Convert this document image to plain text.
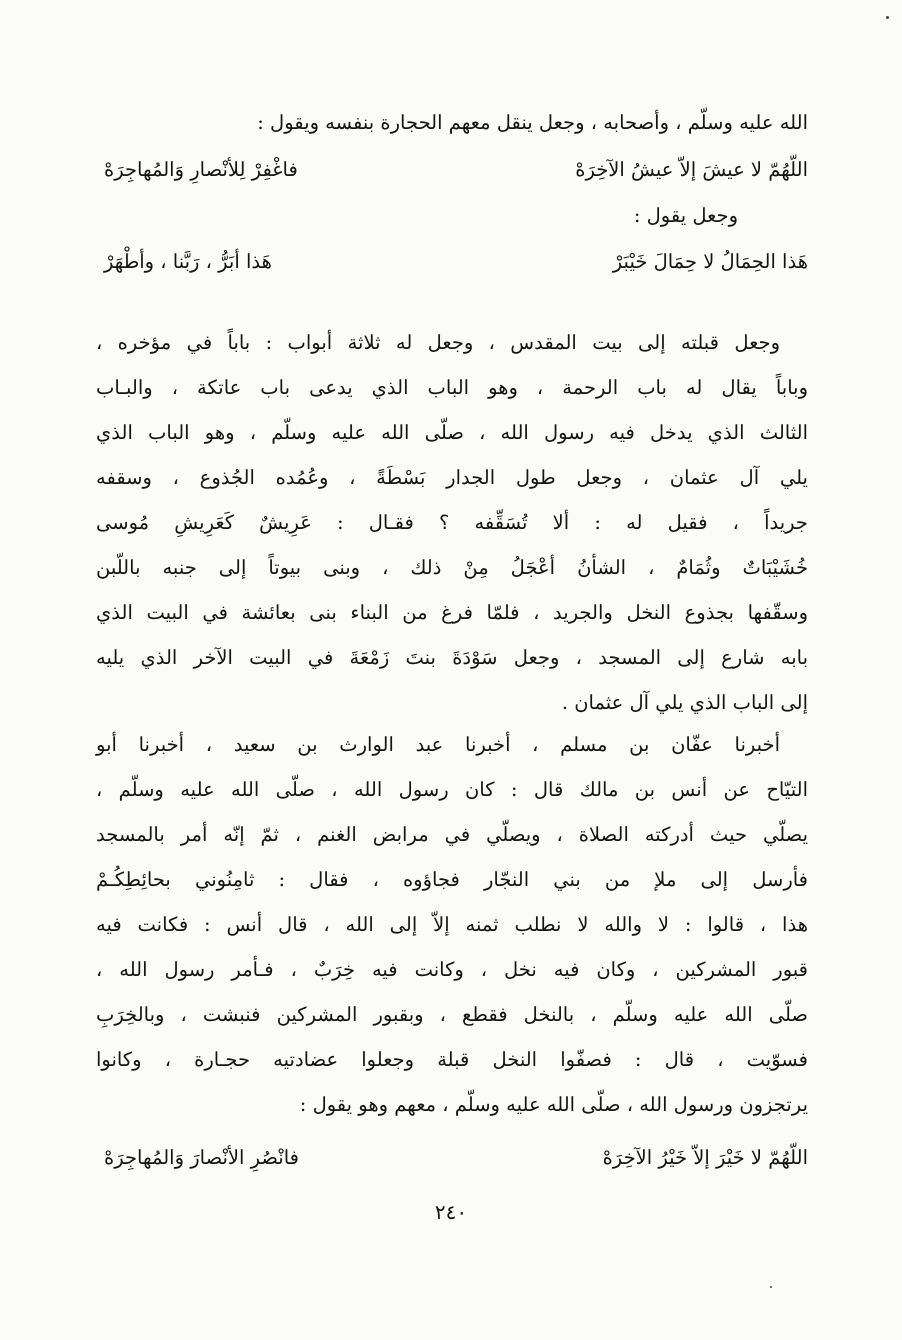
الله عليه وسلّم ، وأصحابه ، وجعل ينقل معهم الحجارة بنفسه ويقول :
اللّهُمّ لا عيشَ إلاّ عيشُ الآخِرَهْ
فاغْفِرْ لِلأنْصارِ وَالمُهاجِرَهْ
وجعل يقول :
هَذا الحِمَالُ لا حِمَالَ خَيْبَرْ
هَذا أبَرُّ ، رَبَّنا ، وأطْهَرْ
وجعل قبلته إلى بيت المقدس ، وجعل له ثلاثة أبواب : باباً في مؤخره ،
وباباً يقال له باب الرحمة ، وهو الباب الذي يدعى باب عاتكة ، والبـاب
الثالث الذي يدخل فيه رسول الله ، صلّى الله عليه وسلّم ، وهو الباب الذي
يلي آل عثمان ، وجعل طول الجدار بَسْطَةً ، وعُمُده الجُذوع ، وسقفه
جريداً ، فقيل له : ألا تُسَقِّفه ؟ فقـال : عَرِيشٌ كَعَرِيشِ مُوسى
خُشَيْبَاتٌ وثُمَامٌ ، الشأنُ أعْجَلُ مِنْ ذلك ، وبنى بيوتاً إلى جنبه باللّبن
وسقّفها بجذوع النخل والجريد ، فلمّا فرغ من البناء بنى بعائشة في البيت الذي
بابه شارع إلى المسجد ، وجعل سَوْدَةَ بنتَ زَمْعَةَ في البيت الآخر الذي يليه
إلى الباب الذي يلي آل عثمان .
أخبرنا عفّان بن مسلم ، أخبرنا عبد الوارث بن سعيد ، أخبرنا أبو
التيّاح عن أنس بن مالك قال : كان رسول الله ، صلّى الله عليه وسلّم ،
يصلّي حيث أدركته الصلاة ، ويصلّي في مرابض الغنم ، ثمّ إنّه أمر بالمسجد
فأرسل إلى ملإ من بني النجّار فجاؤوه ، فقال : ثامِنُوني بحائِطِكُـمْ
هذا ، قالوا : لا والله لا نطلب ثمنه إلاّ إلى الله ، قال أنس : فكانت فيه
قبور المشركين ، وكان فيه نخل ، وكانت فيه خِرَبٌ ، فـأمر رسول الله ،
صلّى الله عليه وسلّم ، بالنخل فقطع ، وبقبور المشركين فنبشت ، وبالخِرَبِ
فسوّيت ، قال : فصفّوا النخل قبلة وجعلوا عضادتيه حجـارة ، وكانوا
يرتجزون ورسول الله ، صلّى الله عليه وسلّم ، معهم وهو يقول :
اللّهُمّ لا خَيْرَ إلاّ خَيْرُ الآخِرَهْ
فانْصُرِ الأنْصارَ وَالمُهاجِرَهْ
٢٤٠
